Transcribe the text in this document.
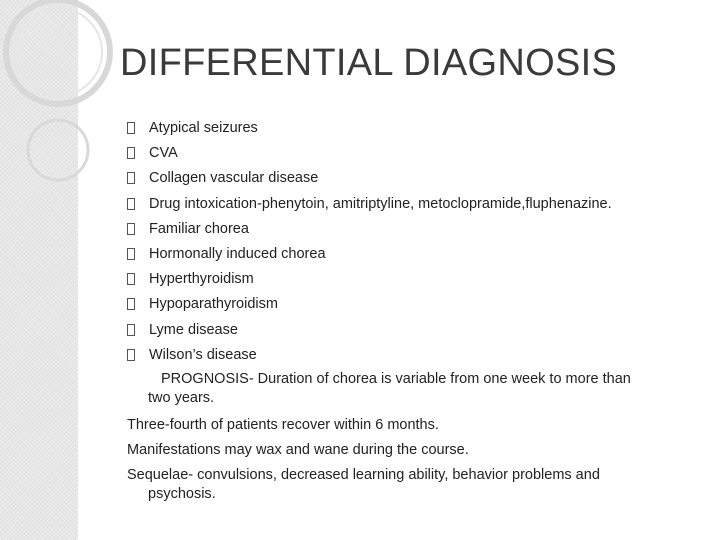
DIFFERENTIAL DIAGNOSIS
Atypical seizures
CVA
Collagen vascular disease
Drug intoxication-phenytoin, amitriptyline, metoclopramide,fluphenazine.
Familiar chorea
Hormonally induced chorea
Hyperthyroidism
Hypoparathyroidism
Lyme disease
Wilson’s disease

PROGNOSIS- Duration of chorea is variable from one week to more than
two years.

Three-fourth of patients recover within 6 months.

Manifestations may wax and wane during the course.

Sequelae- convulsions, decreased learning ability, behavior problems and
psychosis.
